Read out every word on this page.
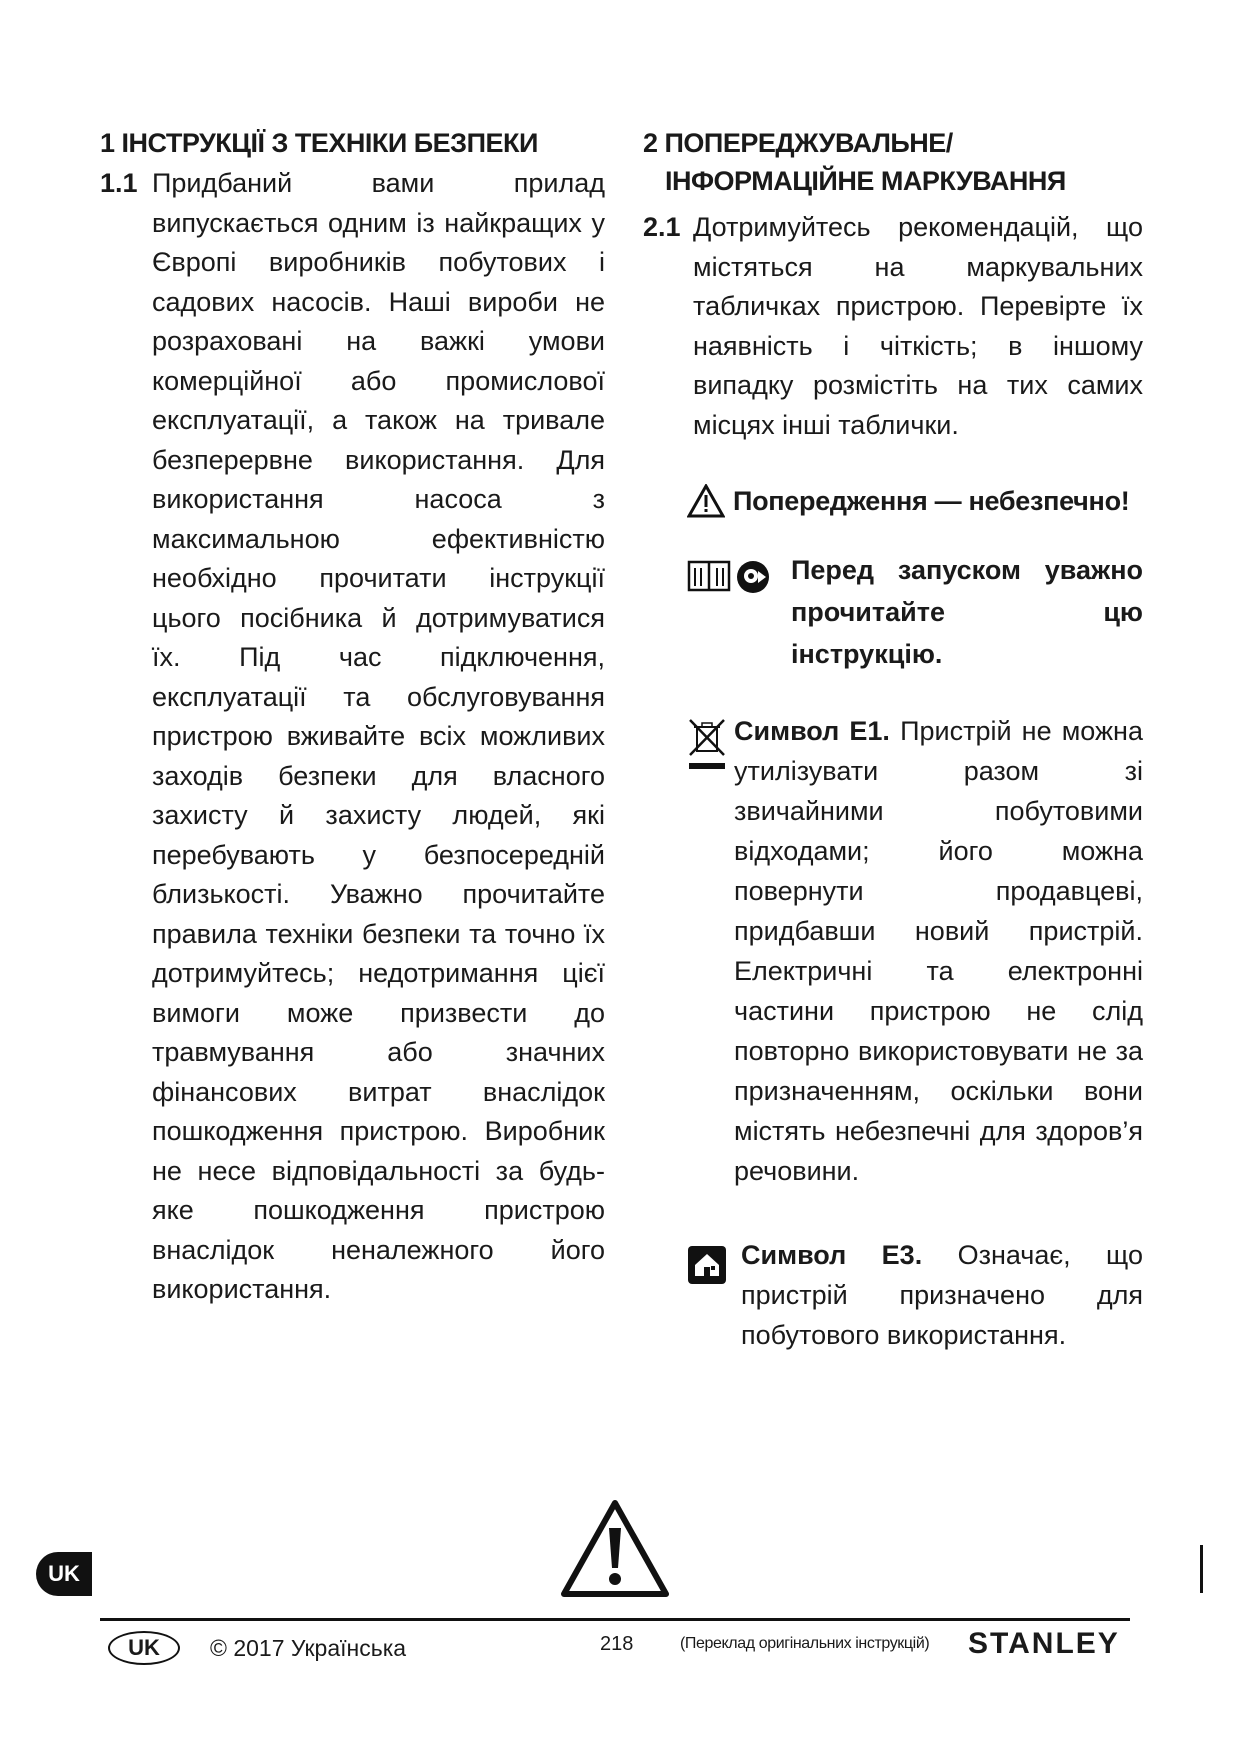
1 ІНСТРУКЦІЇ З ТЕХНІКИ БЕЗПЕКИ
1.1 Придбаний вами прилад випускається одним із найкращих у Європі виробників побутових і садових насосів. Наші вироби не розраховані на важкі умови комерційної або промислової експлуатації, а також на тривале безперервне використання. Для використання насоса з максимальною ефективністю необхідно прочитати інструкції цього посібника й дотримуватися їх. Під час підключення, експлуатації та обслуговування пристрою вживайте всіх можливих заходів безпеки для власного захисту й захисту людей, які перебувають у безпосередній близькості. Уважно прочитайте правила техніки безпеки та точно їх дотримуйтесь; недотримання цієї вимоги може призвести до травмування або значних фінансових витрат внаслідок пошкодження пристрою. Виробник не несе відповідальності за будь-яке пошкодження пристрою внаслідок неналежного його використання.
2 ПОПЕРЕДЖУВАЛЬНЕ/
ІНФОРМАЦІЙНЕ МАРКУВАННЯ
2.1 Дотримуйтесь рекомендацій, що містяться на маркувальних табличках пристрою. Перевірте їх наявність і чіткість; в іншому випадку розмістіть на тих самих місцях інші таблички.
Попередження — небезпечно!
Перед запуском уважно прочитайте цю інструкцію.
Символ E1. Пристрій не можна утилізувати разом зі звичайними побутовими відходами; його можна повернути продавцеві, придбавши новий пристрій. Електричні та електронні частини пристрою не слід повторно використовувати не за призначенням, оскільки вони містять небезпечні для здоров’я речовини.
Символ E3. Означає, що пристрій призначено для побутового використання.
UK
UK	© 2017 Українська	218	(Переклад оригінальних інструкцій) STANLEY
